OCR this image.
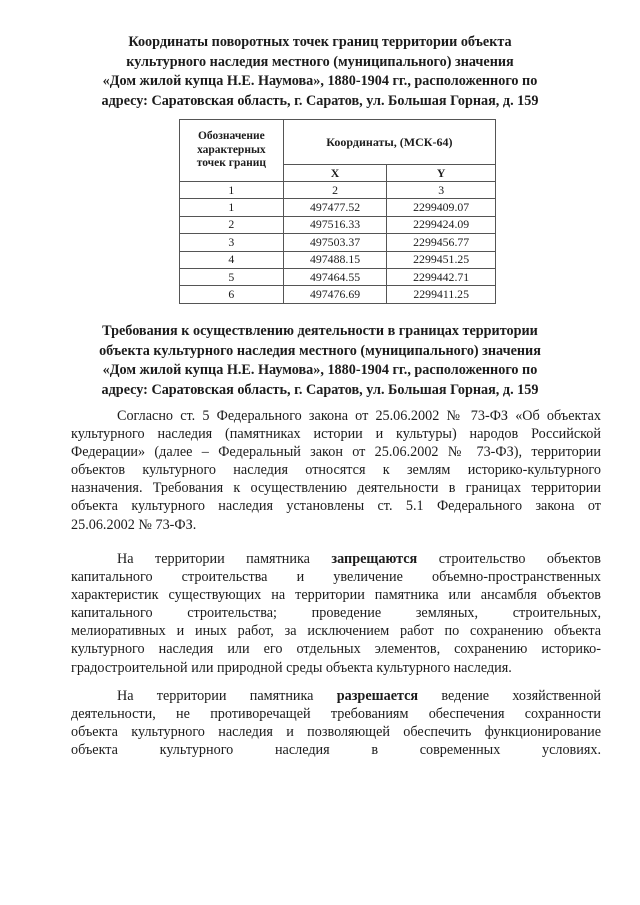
Координаты поворотных точек границ территории объекта
культурного наследия местного (муниципального) значения
«Дом жилой купца Н.Е. Наумова», 1880-1904 гг., расположенного по
адресу: Саратовская область, г. Саратов, ул. Большая Горная, д. 159
Обозначение
характерных
точек границ	Координаты, (МСК-64)	
	X	Y
1	2	3
1	497477.52	2299409.07
2	497516.33	2299424.09
3	497503.37	2299456.77
4	497488.15	2299451.25
5	497464.55	2299442.71
6	497476.69	2299411.25
Требования к осуществлению деятельности в границах территории
объекта культурного наследия местного (муниципального) значения
«Дом жилой купца Н.Е. Наумова», 1880-1904 гг., расположенного по
адресу: Саратовская область, г. Саратов, ул. Большая Горная, д. 159
Согласно ст. 5 Федерального закона от 25.06.2002 № 73-ФЗ «Об объектах
культурного наследия (памятниках истории и культуры) народов Российской
Федерации» (далее – Федеральный закон от 25.06.2002 № 73-ФЗ), территории
объектов культурного наследия относятся к землям историко-культурного
назначения. Требования к осуществлению деятельности в границах территории
объекта культурного наследия установлены ст. 5.1 Федерального закона от
25.06.2002 № 73-ФЗ.
На территории памятника запрещаются строительство объектов
капитального строительства и увеличение объемно-пространственных
характеристик существующих на территории памятника или ансамбля объектов
капитального строительства; проведение земляных, строительных,
мелиоративных и иных работ, за исключением работ по сохранению объекта
культурного наследия или его отдельных элементов, сохранению историко-
градостроительной или природной среды объекта культурного наследия.
На территории памятника разрешается ведение хозяйственной
деятельности, не противоречащей требованиям обеспечения сохранности
объекта культурного наследия и позволяющей обеспечить функционирование
объекта культурного наследия в современных условиях.
